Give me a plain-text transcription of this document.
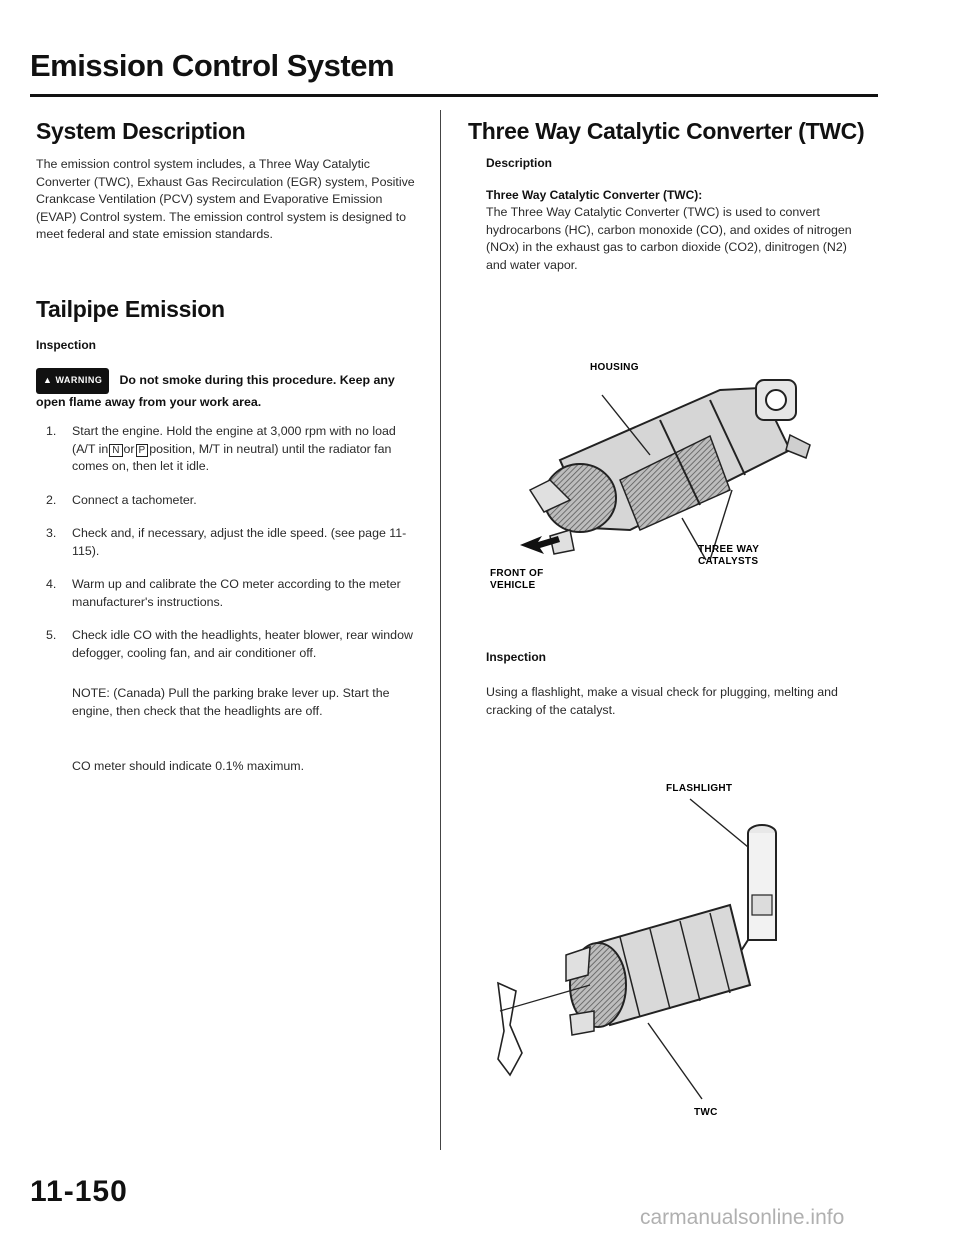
Emission Control System
System Description
The emission control system includes, a Three Way Catalytic Converter (TWC), Exhaust Gas Recirculation (EGR) system, Positive Crankcase Ventilation (PCV) system and Evaporative Emission (EVAP) Control system. The emission control system is designed to meet federal and state emission standards.
Tailpipe Emission
Inspection
▲ WARNING Do not smoke during this procedure. Keep any open flame away from your work area.
1. Start the engine. Hold the engine at 3,000 rpm with no load (A/T in N or P position, M/T in neutral) until the radiator fan comes on, then let it idle.
2. Connect a tachometer.
3. Check and, if necessary, adjust the idle speed. (see page 11-115).
4. Warm up and calibrate the CO meter according to the meter manufacturer's instructions.
5. Check idle CO with the headlights, heater blower, rear window defogger, cooling fan, and air conditioner off.
NOTE: (Canada) Pull the parking brake lever up. Start the engine, then check that the headlights are off.
CO meter should indicate 0.1% maximum.
Three Way Catalytic Converter (TWC)
Description
Three Way Catalytic Converter (TWC):
The Three Way Catalytic Converter (TWC) is used to convert hydrocarbons (HC), carbon monoxide (CO), and oxides of nitrogen (NOx) in the exhaust gas to carbon dioxide (CO2), dinitrogen (N2) and water vapor.
HOUSING
FRONT OF
VEHICLE
THREE WAY
CATALYSTS
Inspection
Using a flashlight, make a visual check for plugging, melting and cracking of the catalyst.
FLASHLIGHT
TWC
11-150
carmanualsonline.info
